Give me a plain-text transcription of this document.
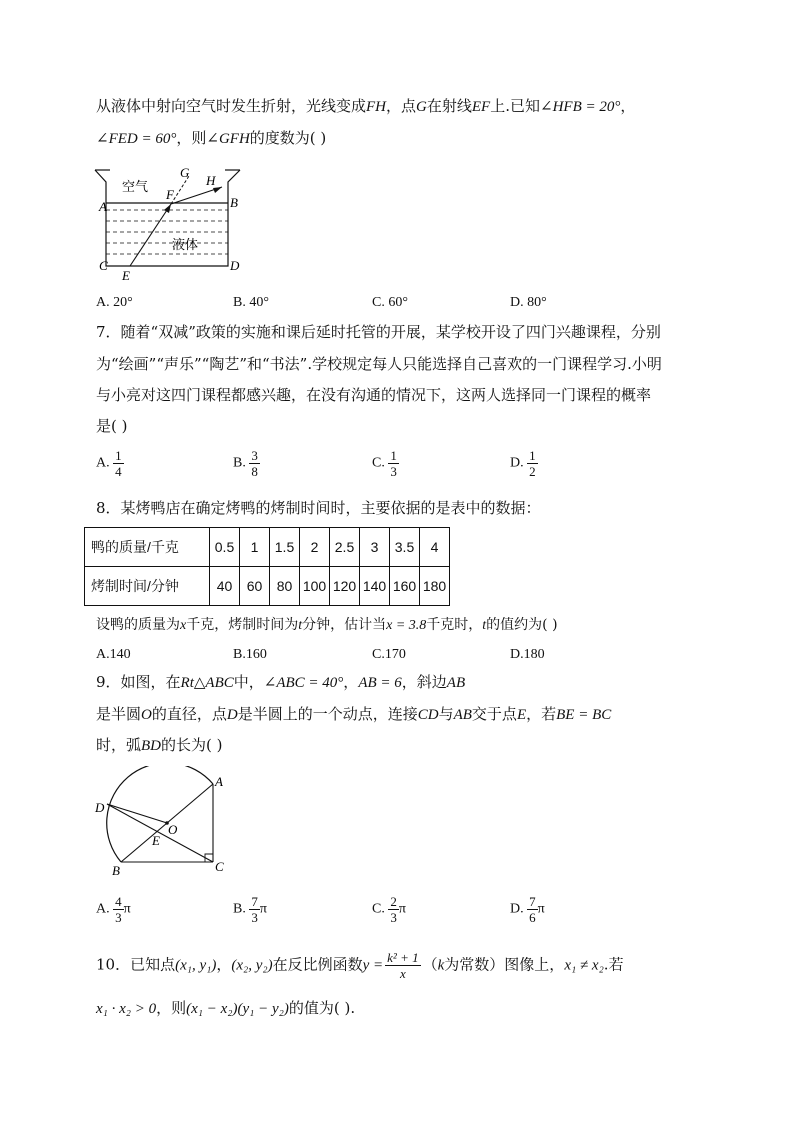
从液体中射向空气时发生折射，光线变成FH，点G在射线EF上.已知∠HFB = 20°，
∠FED = 60°，则∠GFH的度数为( )
空气
液体
A	B
C	D
E
F
G
H
A. 20°	B. 40°	C. 60°	D. 80°
7．随着“双减”政策的实施和课后延时托管的开展，某学校开设了四门兴趣课程，分别
为“绘画”“声乐”“陶艺”和“书法”.学校规定每人只能选择自己喜欢的一门课程学习.小明
与小亮对这四门课程都感兴趣，在没有沟通的情况下，这两人选择同一门课程的概率
是( )
A. $\frac{1}{4}$	B. $\frac{3}{8}$	C. $\frac{1}{3}$	D. $\frac{1}{2}$
8．某烤鸭店在确定烤鸭的烤制时间时，主要依据的是表中的数据：
鸭的质量/千克	0.5	1	1.5	2	2.5	3	3.5	4
烤制时间/分钟	40	60	80	100	120	140	160	180
设鸭的质量为x千克，烤制时间为t分钟，估计当x = 3.8千克时，t的值约为( )
A.140	B.160	C.170	D.180
9．如图，在Rt△ABC中，∠ABC = 40°，AB = 6，斜边AB
是半圆O的直径，点D是半圆上的一个动点，连接CD与AB交于点E，若BE = BC
时，弧BD的长为( )
A
B	C
D
E
O
A. $\frac{4}{3}$ π	B. $\frac{7}{3}$ π	C. $\frac{2}{3}$ π	D. $\frac{7}{6}$ π
10．已知点(x₁, y₁)，(x₂, y₂)在反比例函数$y = \frac{\text{k² + 1}}{x} (k$为常数）图像上，x₁ ≠ x₂.若
x₁ · x₂ > 0，则(x₁ − x₂)(y₁ − y₂)的值为( ).
